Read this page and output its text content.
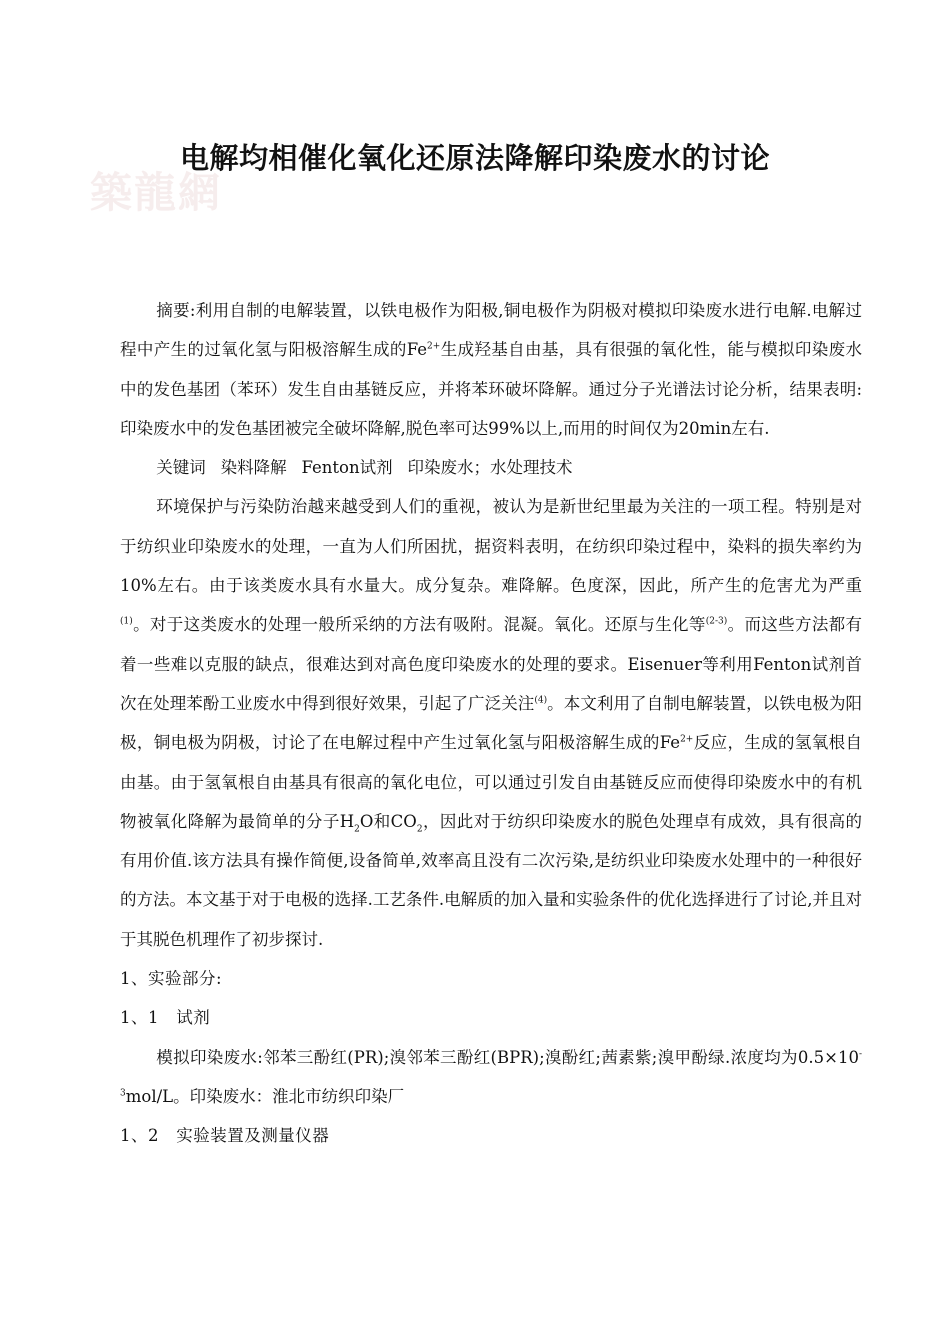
築龍網
电解均相催化氧化还原法降解印染废水的讨论

摘要:利用自制的电解装置，以铁电极作为阳极,铜电极作为阴极对模拟印染废水进行电解.电解过程中产生的过氧化氢与阳极溶解生成的$Fe^{2+}$生成羟基自由基，具有很强的氧化性，能与模拟印染废水中的发色基团（苯环）发生自由基链反应，并将苯环破坏降解。通过分子光谱法讨论分析，结果表明:印染废水中的发色基团被完全破坏降解,脱色率可达99%以上,而用的时间仅为20min左右.

关键词 染料降解 Fenton试剂 印染废水；水处理技术

环境保护与污染防治越来越受到人们的重视，被认为是新世纪里最为关注的一项工程。特别是对于纺织业印染废水的处理，一直为人们所困扰，据资料表明，在纺织印染过程中，染料的损失率约为10%左右。由于该类废水具有水量大。成分复杂。难降解。色度深，因此，所产生的危害尤为严重$^{(1)}$。对于这类废水的处理一般所采纳的方法有吸附。混凝。氧化。还原与生化等$^{(2-3)}$。而这些方法都有着一些难以克服的缺点，很难达到对高色度印染废水的处理的要求。Eisenuer等利用Fenton试剂首次在处理苯酚工业废水中得到很好效果，引起了广泛关注$^{(4)}$。本文利用了自制电解装置，以铁电极为阳极，铜电极为阴极，讨论了在电解过程中产生过氧化氢与阳极溶解生成的$Fe^{2+}$反应，生成的氢氧根自由基。由于氢氧根自由基具有很高的氧化电位，可以通过引发自由基链反应而使得印染废水中的有机物被氧化降解为最简单的分子$H_2O$和$CO_2$，因此对于纺织印染废水的脱色处理卓有成效，具有很高的有用价值.该方法具有操作简便,设备简单,效率高且没有二次污染,是纺织业印染废水处理中的一种很好的方法。本文基于对于电极的选择.工艺条件.电解质的加入量和实验条件的优化选择进行了讨论,并且对于其脱色机理作了初步探讨.

1、实验部分:

1、1   试剂

模拟印染废水:邻苯三酚红(PR);溴邻苯三酚红(BPR);溴酚红;茜素紫;溴甲酚绿.浓度均为$0.5\times 10^{-3}mol/L$。印染废水：淮北市纺织印染厂

1、2   实验装置及测量仪器
